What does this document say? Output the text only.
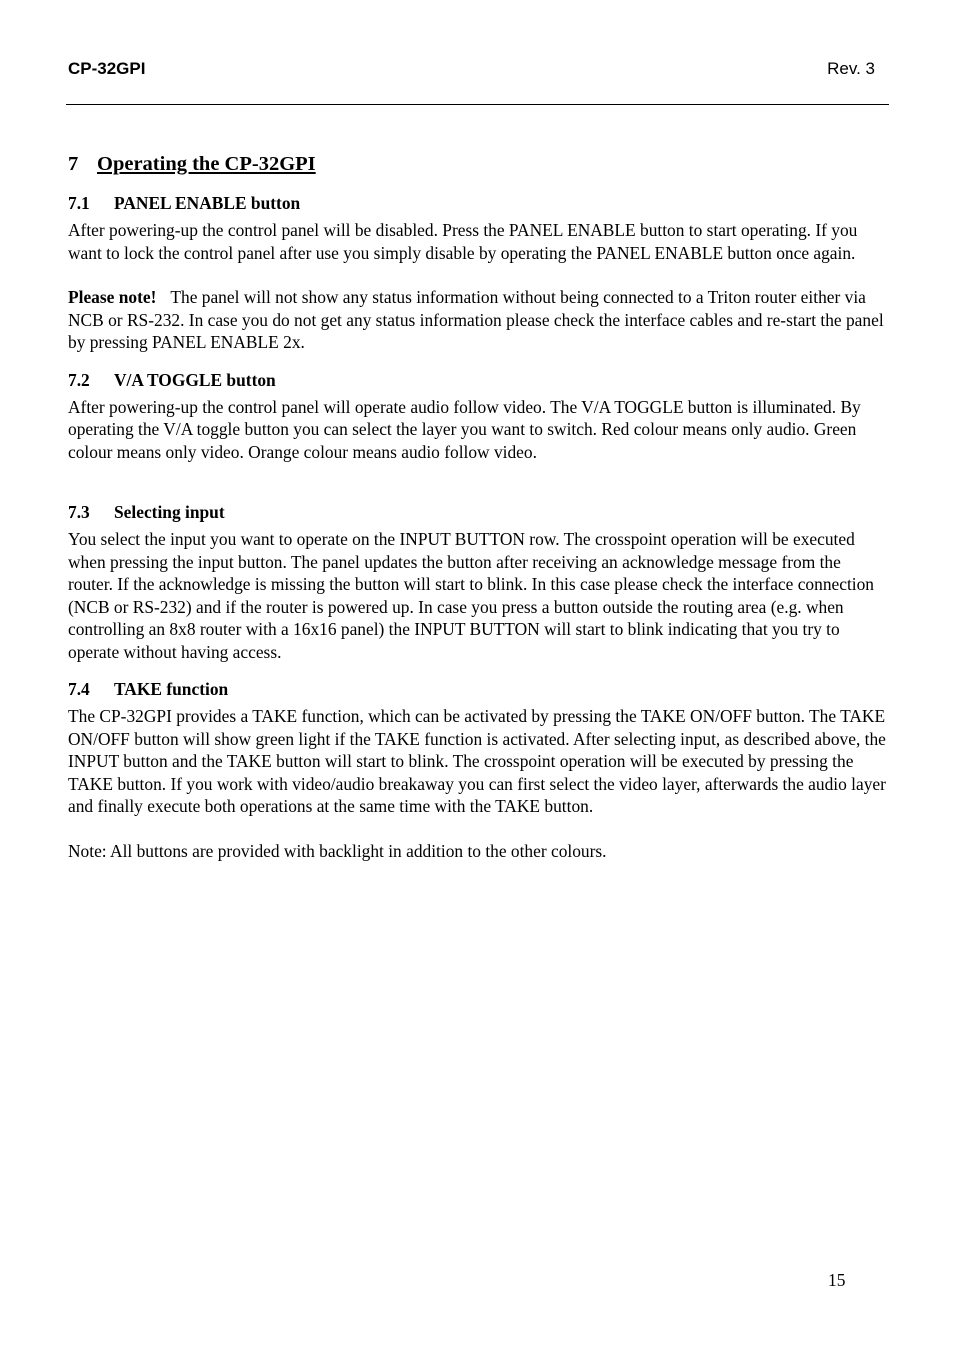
CP-32GPI	Rev. 3
7 Operating the CP-32GPI
7.1 PANEL ENABLE button

After powering-up the control panel will be disabled. Press the PANEL ENABLE button to start operating. If you want to lock the control panel after use you simply disable by operating the PANEL ENABLE button once again.

Please note! The panel will not show any status information without being connected to a Triton router either via NCB or RS-232. In case you do not get any status information please check the interface cables and re-start the panel by pressing PANEL ENABLE 2x.

7.2 V/A TOGGLE button

After powering-up the control panel will operate audio follow video. The V/A TOGGLE button is illuminated. By operating the V/A toggle button you can select the layer you want to switch. Red colour means only audio. Green colour means only video. Orange colour means audio follow video.

7.3 Selecting input

You select the input you want to operate on the INPUT BUTTON row. The crosspoint operation will be executed when pressing the input button. The panel updates the button after receiving an acknowledge message from the router. If the acknowledge is missing the button will start to blink. In this case please check the interface connection (NCB or RS-232) and if the router is powered up. In case you press a button outside the routing area (e.g. when controlling an 8x8 router with a 16x16 panel) the INPUT BUTTON will start to blink indicating that you try to operate without having access.

7.4 TAKE function

The CP-32GPI provides a TAKE function, which can be activated by pressing the TAKE ON/OFF button. The TAKE ON/OFF button will show green light if the TAKE function is activated. After selecting input, as described above, the INPUT button and the TAKE button will start to blink. The crosspoint operation will be executed by pressing the TAKE button. If you work with video/audio breakaway you can first select the video layer, afterwards the audio layer and finally execute both operations at the same time with the TAKE button.

Note: All buttons are provided with backlight in addition to the other colours.

15
